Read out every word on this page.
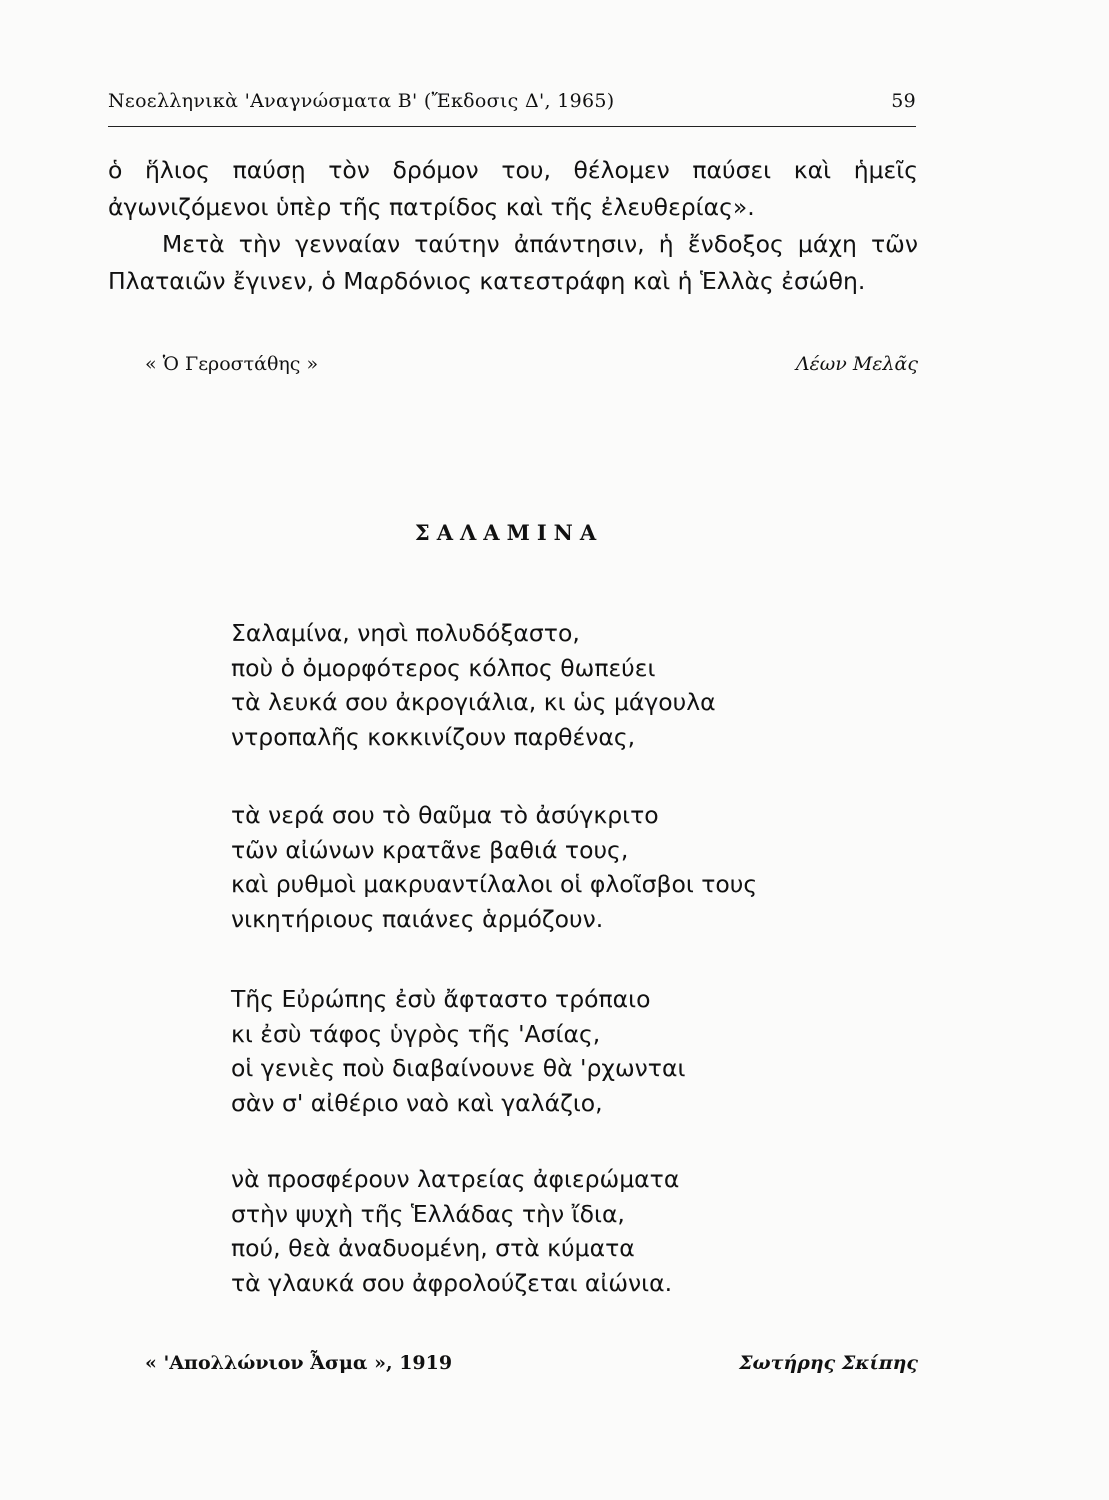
Νεοελληνικὰ 'Αναγνώσματα Β' (Ἔκδοσις Δ', 1965)	59

ὁ ἥλιος παύσῃ τὸν δρόμον του, θέλομεν παύσει καὶ ἡμεῖς ἀγωνιζόμενοι ὑπὲρ τῆς πατρίδος καὶ τῆς ἐλευθερίας».

Μετὰ τὴν γενναίαν ταύτην ἀπάντησιν, ἡ ἔνδοξος μάχη τῶν Πλαταιῶν ἔγινεν, ὁ Μαρδόνιος κατεστράφη καὶ ἡ Ἑλλὰς ἐσώθη.

« Ὁ Γεροστάθης »	Λέων Μελᾶς
ΣΑΛΑΜΙΝΑ
Σαλαμίνα, νησὶ πολυδόξαστο,
ποὺ ὁ ὀμορφότερος κόλπος θωπεύει
τὰ λευκά σου ἀκρογιάλια, κι ὡς μάγουλα
ντροπαλῆς κοκκινίζουν παρθένας,
τὰ νερά σου τὸ θαῦμα τὸ ἀσύγκριτο
τῶν αἰώνων κρατᾶνε βαθιά τους,
καὶ ρυθμοὶ μακρυαντίλαλοι οἱ φλοῖσβοι τους
νικητήριους παιάνες ἁρμόζουν.
Τῆς Εὐρώπης ἐσὺ ἄφταστο τρόπαιο
κι ἐσὺ τάφος ὑγρὸς τῆς 'Ασίας,
οἱ γενιὲς ποὺ διαβαίνουνε θὰ 'ρχωνται
σὰν σ' αἰθέριο ναὸ καὶ γαλάζιο,
νὰ προσφέρουν λατρείας ἀφιερώματα
στὴν ψυχὴ τῆς Ἑλλάδας τὴν ἴδια,
πού, θεὰ ἀναδυομένη, στὰ κύματα
τὰ γλαυκά σου ἀφρολούζεται αἰώνια.
« 'Απολλώνιον Ἆσμα », 1919	Σωτήρης Σκίπης
